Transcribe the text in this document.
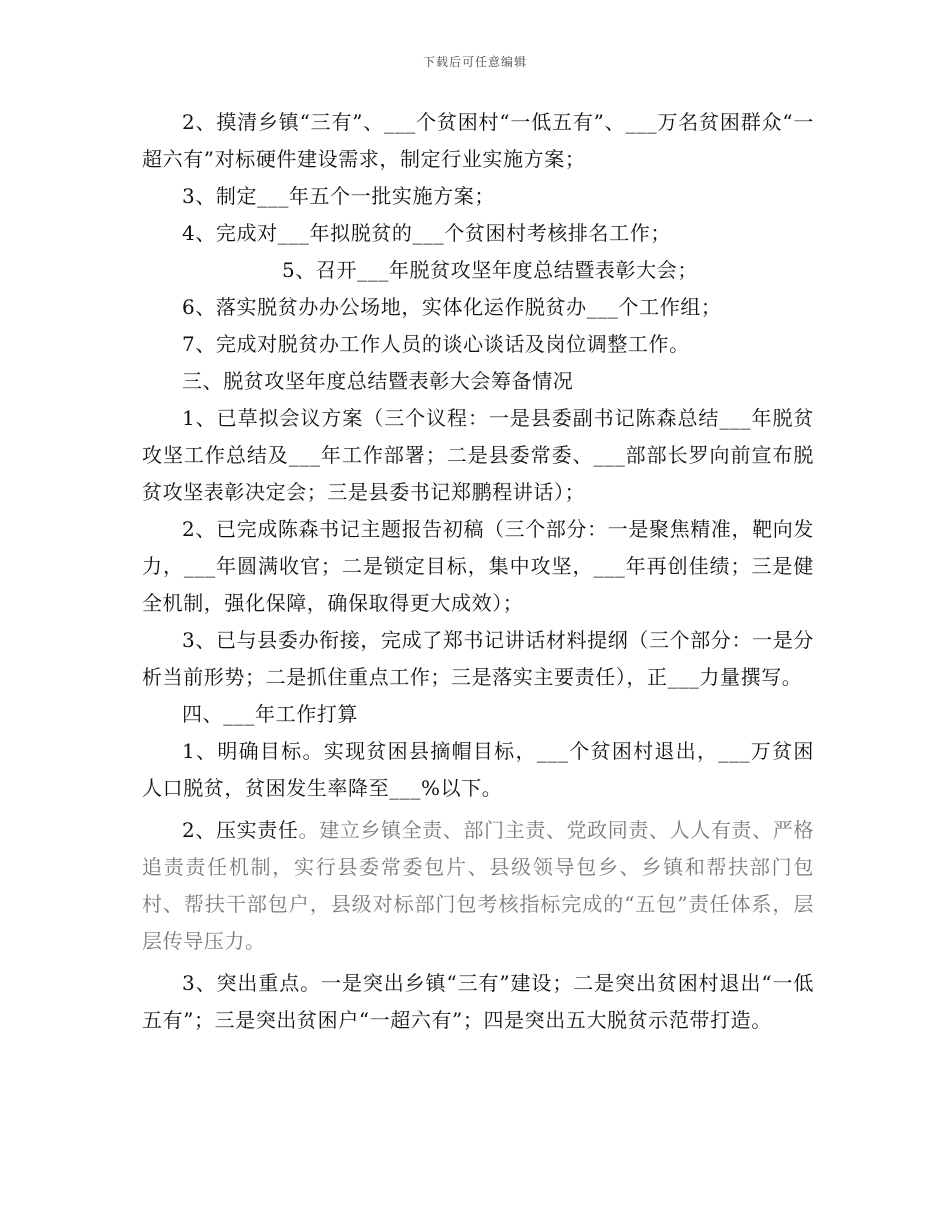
下载后可任意编辑

2、摸清乡镇“三有”、___个贫困村“一低五有”、___万名贫困群众“一超六有”对标硬件建设需求，制定行业实施方案；

3、制定___年五个一批实施方案；

4、完成对___年拟脱贫的___个贫困村考核排名工作；

5、召开___年脱贫攻坚年度总结暨表彰大会；

6、落实脱贫办办公场地，实体化运作脱贫办___个工作组；

7、完成对脱贫办工作人员的谈心谈话及岗位调整工作。

三、脱贫攻坚年度总结暨表彰大会筹备情况

1、已草拟会议方案（三个议程：一是县委副书记陈森总结___年脱贫攻坚工作总结及___年工作部署；二是县委常委、___部部长罗向前宣布脱贫攻坚表彰决定会；三是县委书记郑鹏程讲话）；

2、已完成陈森书记主题报告初稿（三个部分：一是聚焦精准，靶向发力，___年圆满收官；二是锁定目标，集中攻坚，___年再创佳绩；三是健全机制，强化保障，确保取得更大成效）；

3、已与县委办衔接，完成了郑书记讲话材料提纲（三个部分：一是分析当前形势；二是抓住重点工作；三是落实主要责任），正___力量撰写。

四、___年工作打算

1、明确目标。实现贫困县摘帽目标，___个贫困村退出，___万贫困人口脱贫，贫困发生率降至___%以下。

2、压实责任。建立乡镇全责、部门主责、党政同责、人人有责、严格追责责任机制，实行县委常委包片、县级领导包乡、乡镇和帮扶部门包村、帮扶干部包户，县级对标部门包考核指标完成的“五包”责任体系，层层传导压力。

3、突出重点。一是突出乡镇“三有”建设；二是突出贫困村退出“一低五有”；三是突出贫困户“一超六有”；四是突出五大脱贫示范带打造。
